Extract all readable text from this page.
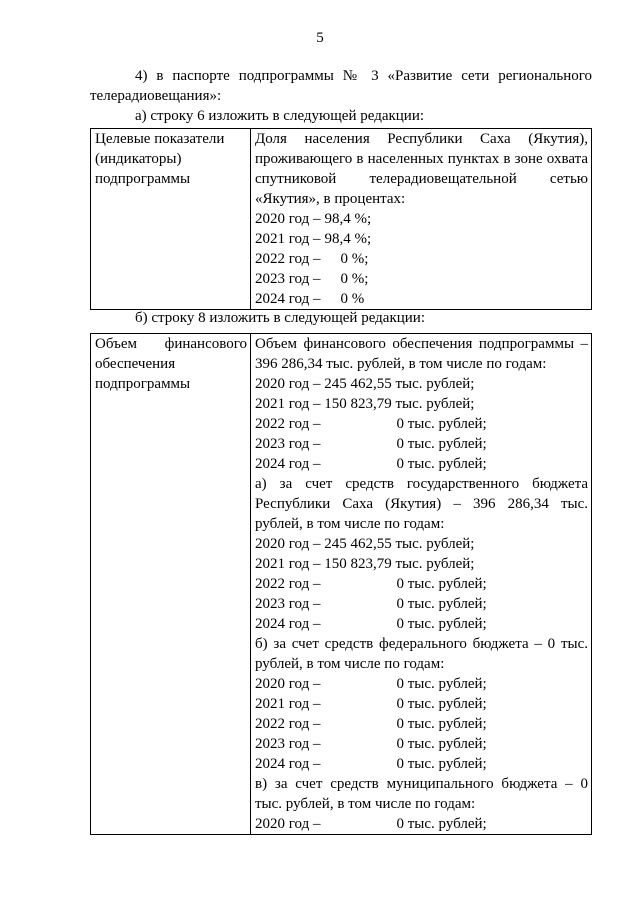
5
4) в паспорте подпрограммы № 3 «Развитие сети регионального телерадиовещания»:
а) строку 6 изложить в следующей редакции:
Целевые показатели (индикаторы) подпрограммы

Доля населения Республики Саха (Якутия), проживающего в населенных пунктах в зоне охвата спутниковой телерадиовещательной сетью «Якутия», в процентах:
2020 год – 98,4 %;
2021 год – 98,4 %;
2022 год – 0 %;
2023 год – 0 %;
2024 год – 0 %
б) строку 8 изложить в следующей редакции:
Объем финансового обеспечения подпрограммы

Объем финансового обеспечения подпрограммы – 396 286,34 тыс. рублей, в том числе по годам:
2020 год – 245 462,55 тыс. рублей;
2021 год – 150 823,79 тыс. рублей;
2022 год –	0 тыс. рублей;
2023 год –	0 тыс. рублей;
2024 год –	0 тыс. рублей;
а) за счет средств государственного бюджета Республики Саха (Якутия) – 396 286,34 тыс. рублей, в том числе по годам:
2020 год – 245 462,55 тыс. рублей;
2021 год – 150 823,79 тыс. рублей;
2022 год –	0 тыс. рублей;
2023 год –	0 тыс. рублей;
2024 год –	0 тыс. рублей;
б) за счет средств федерального бюджета – 0 тыс. рублей, в том числе по годам:
2020 год –	0 тыс. рублей;
2021 год –	0 тыс. рублей;
2022 год –	0 тыс. рублей;
2023 год –	0 тыс. рублей;
2024 год –	0 тыс. рублей;
в) за счет средств муниципального бюджета – 0 тыс. рублей, в том числе по годам:
2020 год –	0 тыс. рублей;
